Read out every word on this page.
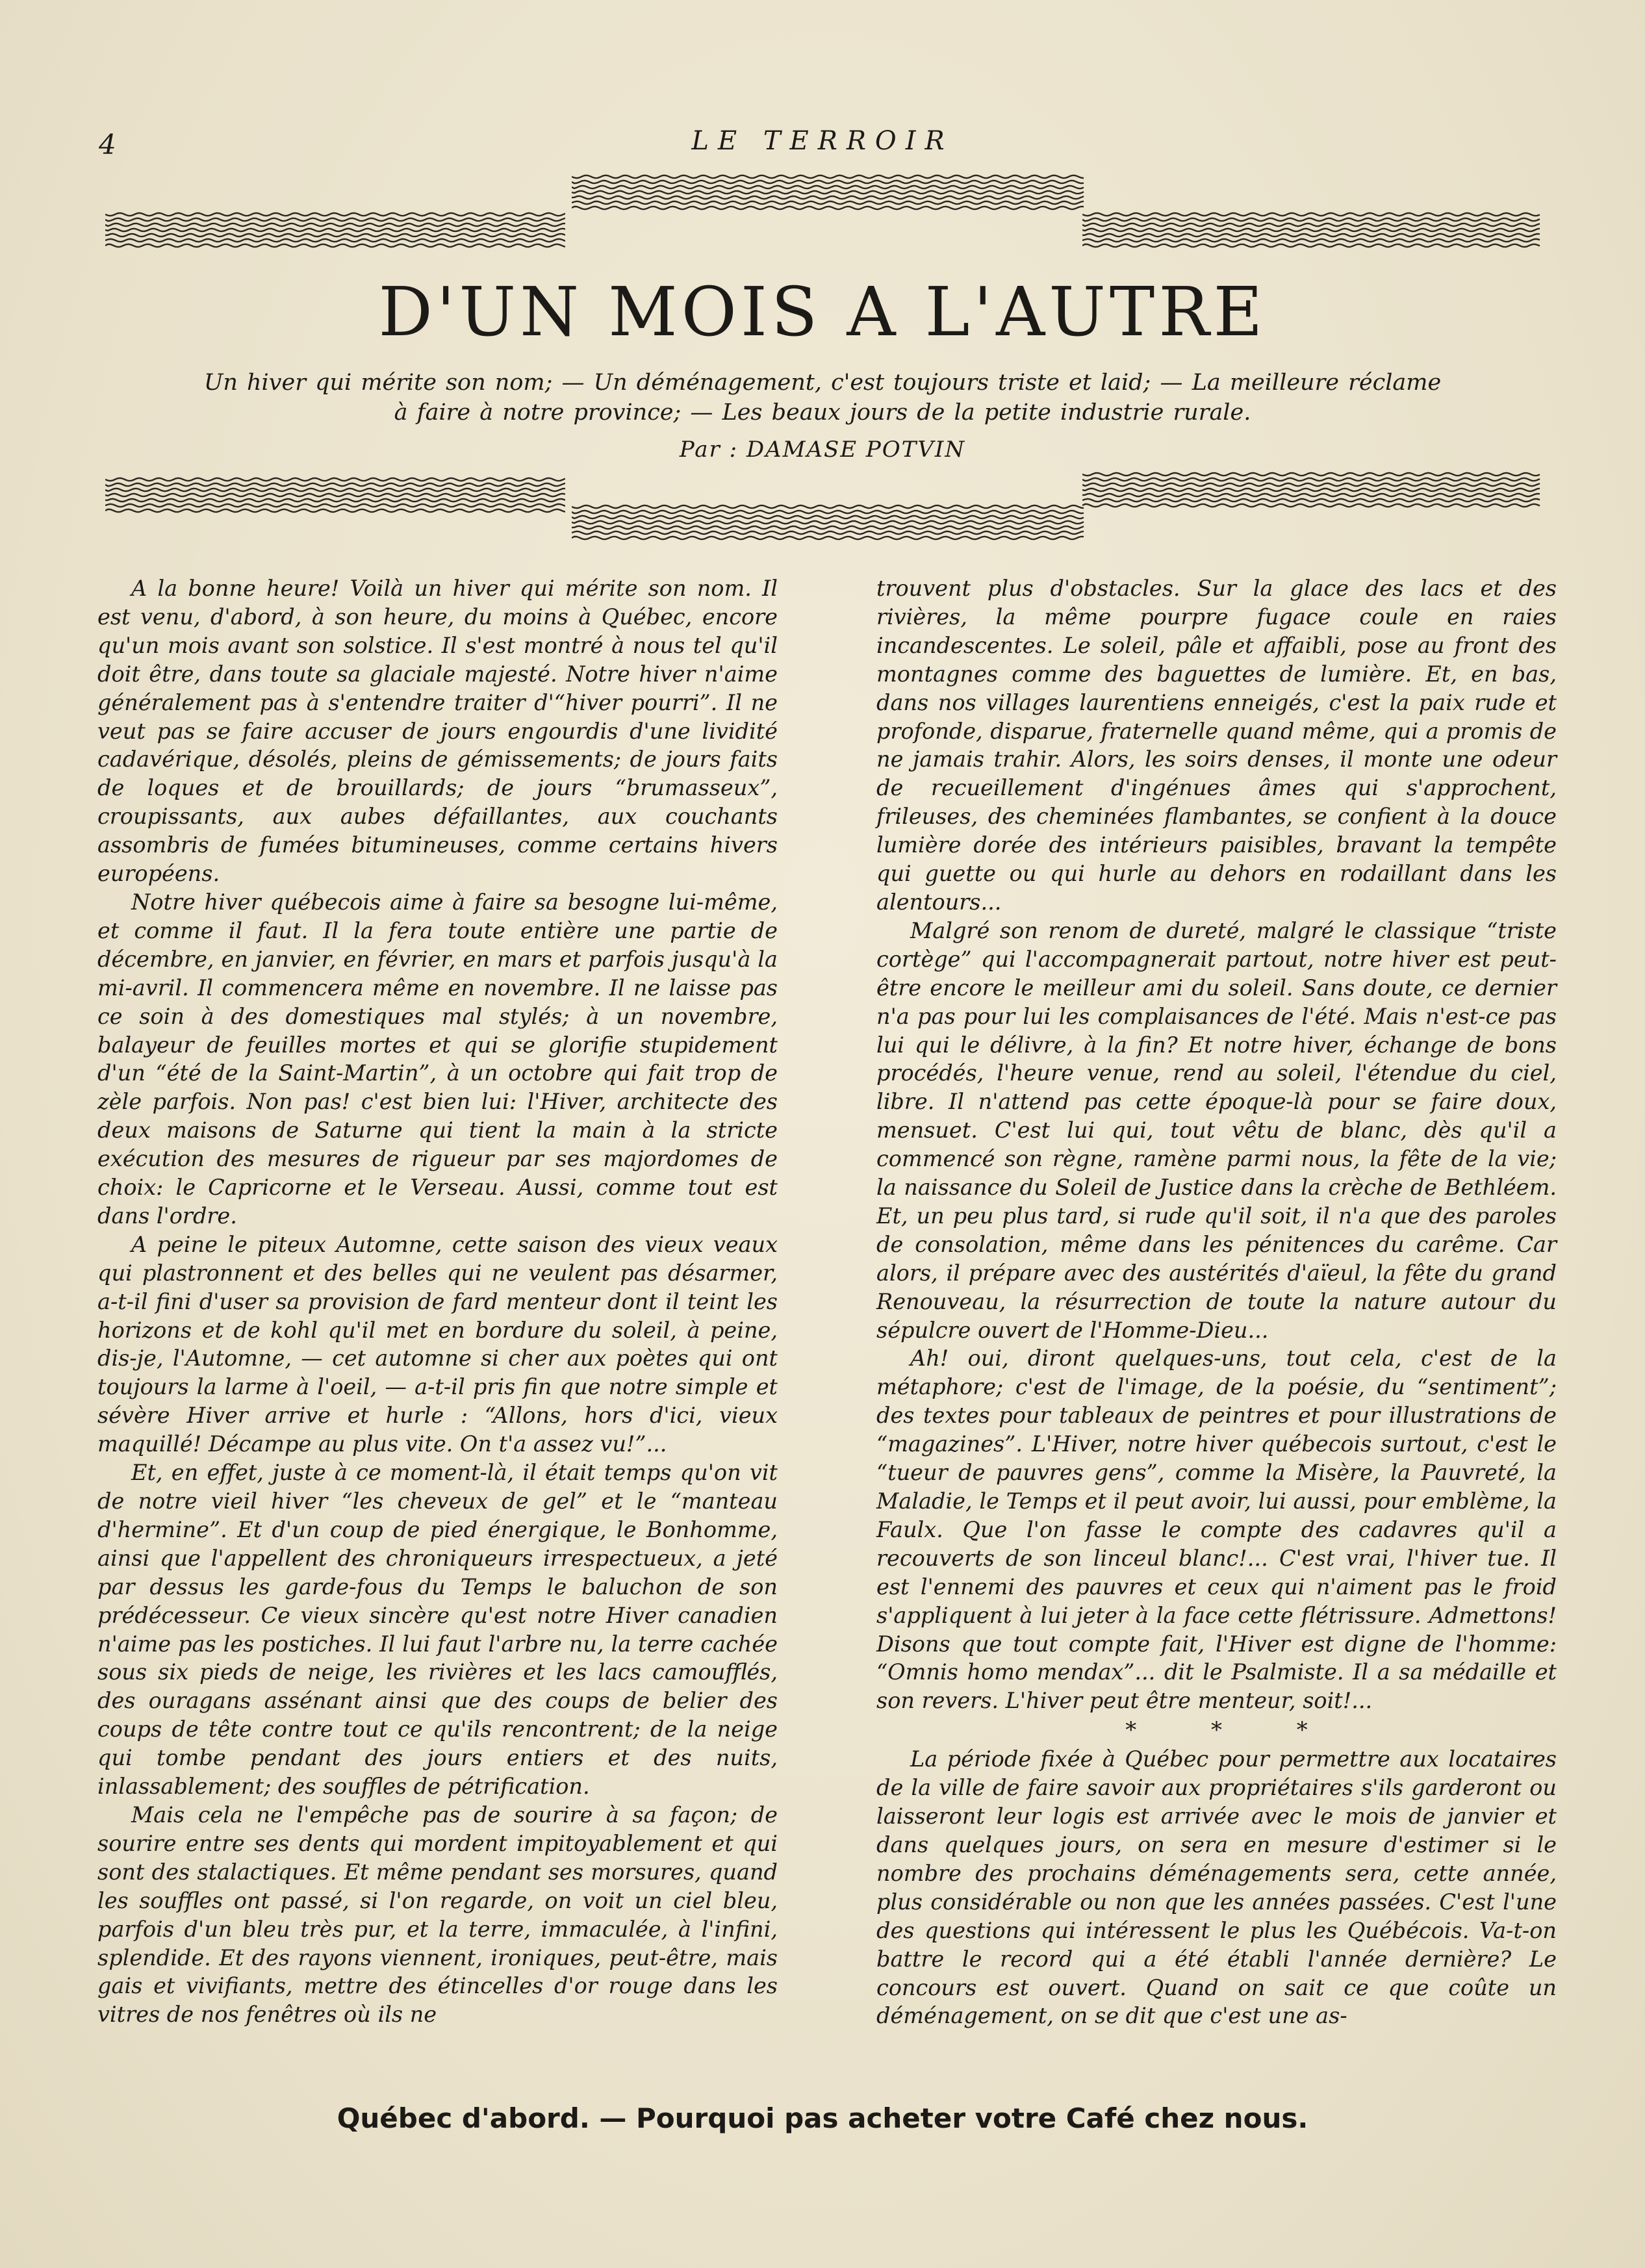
4	LE TERROIR
D'UN MOIS A L'AUTRE
Un hiver qui mérite son nom; — Un déménagement, c'est toujours triste et laid; — La meilleure réclame à faire à notre province; — Les beaux jours de la petite industrie rurale.
Par : DAMASE POTVIN

A la bonne heure! Voilà un hiver qui mérite son nom. Il est venu, d'abord, à son heure, du moins à Québec, encore qu'un mois avant son solstice. Il s'est montré à nous tel qu'il doit être, dans toute sa glaciale majesté. Notre hiver n'aime généralement pas à s'entendre traiter d'“hiver pourri”. Il ne veut pas se faire accuser de jours engourdis d'une lividité cadavérique, désolés, pleins de gémissements; de jours faits de loques et de brouillards; de jours “brumasseux”, croupissants, aux aubes défaillantes, aux couchants assombris de fumées bitumineuses, comme certains hivers européens.

Notre hiver québecois aime à faire sa besogne lui-même, et comme il faut. Il la fera toute entière une partie de décembre, en janvier, en février, en mars et parfois jusqu'à la mi-avril. Il commencera même en novembre. Il ne laisse pas ce soin à des domestiques mal stylés; à un novembre, balayeur de feuilles mortes et qui se glorifie stupidement d'un “été de la Saint-Martin”, à un octobre qui fait trop de zèle parfois. Non pas! c'est bien lui: l'Hiver, architecte des deux maisons de Saturne qui tient la main à la stricte exécution des mesures de rigueur par ses majordomes de choix: le Capricorne et le Verseau. Aussi, comme tout est dans l'ordre.

A peine le piteux Automne, cette saison des vieux veaux qui plastronnent et des belles qui ne veulent pas désarmer, a-t-il fini d'user sa provision de fard menteur dont il teint les horizons et de kohl qu'il met en bordure du soleil, à peine, dis-je, l'Automne, — cet automne si cher aux poètes qui ont toujours la larme à l'oeil, — a-t-il pris fin que notre simple et sévère Hiver arrive et hurle : “Allons, hors d'ici, vieux maquillé! Décampe au plus vite. On t'a assez vu!”...

Et, en effet, juste à ce moment-là, il était temps qu'on vit de notre vieil hiver “les cheveux de gel” et le “manteau d'hermine”. Et d'un coup de pied énergique, le Bonhomme, ainsi que l'appellent des chroniqueurs irrespectueux, a jeté par dessus les garde-fous du Temps le baluchon de son prédécesseur. Ce vieux sincère qu'est notre Hiver canadien n'aime pas les postiches. Il lui faut l'arbre nu, la terre cachée sous six pieds de neige, les rivières et les lacs camoufflés, des ouragans assénant ainsi que des coups de belier des coups de tête contre tout ce qu'ils rencontrent; de la neige qui tombe pendant des jours entiers et des nuits, inlassablement; des souffles de pétrification.

Mais cela ne l'empêche pas de sourire à sa façon; de sourire entre ses dents qui mordent impitoyablement et qui sont des stalactiques. Et même pendant ses morsures, quand les souffles ont passé, si l'on regarde, on voit un ciel bleu, parfois d'un bleu très pur, et la terre, immaculée, à l'infini, splendide. Et des rayons viennent, ironiques, peut-être, mais gais et vivifiants, mettre des étincelles d'or rouge dans les vitres de nos fenêtres où ils ne

trouvent plus d'obstacles. Sur la glace des lacs et des rivières, la même pourpre fugace coule en raies incandescentes. Le soleil, pâle et affaibli, pose au front des montagnes comme des baguettes de lumière. Et, en bas, dans nos villages laurentiens enneigés, c'est la paix rude et profonde, disparue, fraternelle quand même, qui a promis de ne jamais trahir. Alors, les soirs denses, il monte une odeur de recueillement d'ingénues âmes qui s'approchent, frileuses, des cheminées flambantes, se confient à la douce lumière dorée des intérieurs paisibles, bravant la tempête qui guette ou qui hurle au dehors en rodaillant dans les alentours...

Malgré son renom de dureté, malgré le classique “triste cortège” qui l'accompagnerait partout, notre hiver est peut-être encore le meilleur ami du soleil. Sans doute, ce dernier n'a pas pour lui les complaisances de l'été. Mais n'est-ce pas lui qui le délivre, à la fin? Et notre hiver, échange de bons procédés, l'heure venue, rend au soleil, l'étendue du ciel, libre. Il n'attend pas cette époque-là pour se faire doux, mensuet. C'est lui qui, tout vêtu de blanc, dès qu'il a commencé son règne, ramène parmi nous, la fête de la vie; la naissance du Soleil de Justice dans la crèche de Bethléem. Et, un peu plus tard, si rude qu'il soit, il n'a que des paroles de consolation, même dans les pénitences du carême. Car alors, il prépare avec des austérités d'aïeul, la fête du grand Renouveau, la résurrection de toute la nature autour du sépulcre ouvert de l'Homme-Dieu...

Ah! oui, diront quelques-uns, tout cela, c'est de la métaphore; c'est de l'image, de la poésie, du “sentiment”; des textes pour tableaux de peintres et pour illustrations de “magazines”. L'Hiver, notre hiver québecois surtout, c'est le “tueur de pauvres gens”, comme la Misère, la Pauvreté, la Maladie, le Temps et il peut avoir, lui aussi, pour emblème, la Faulx. Que l'on fasse le compte des cadavres qu'il a recouverts de son linceul blanc!... C'est vrai, l'hiver tue. Il est l'ennemi des pauvres et ceux qui n'aiment pas le froid s'appliquent à lui jeter à la face cette flétrissure. Admettons! Disons que tout compte fait, l'Hiver est digne de l'homme: “Omnis homo mendax”... dit le Psalmiste. Il a sa médaille et son revers. L'hiver peut être menteur, soit!...

* * *

La période fixée à Québec pour permettre aux locataires de la ville de faire savoir aux propriétaires s'ils garderont ou laisseront leur logis est arrivée avec le mois de janvier et dans quelques jours, on sera en mesure d'estimer si le nombre des prochains déménagements sera, cette année, plus considérable ou non que les années passées. C'est l'une des questions qui intéressent le plus les Québécois. Va-t-on battre le record qui a été établi l'année dernière? Le concours est ouvert. Quand on sait ce que coûte un déménagement, on se dit que c'est une as-

Québec d'abord. — Pourquoi pas acheter votre Café chez nous.
